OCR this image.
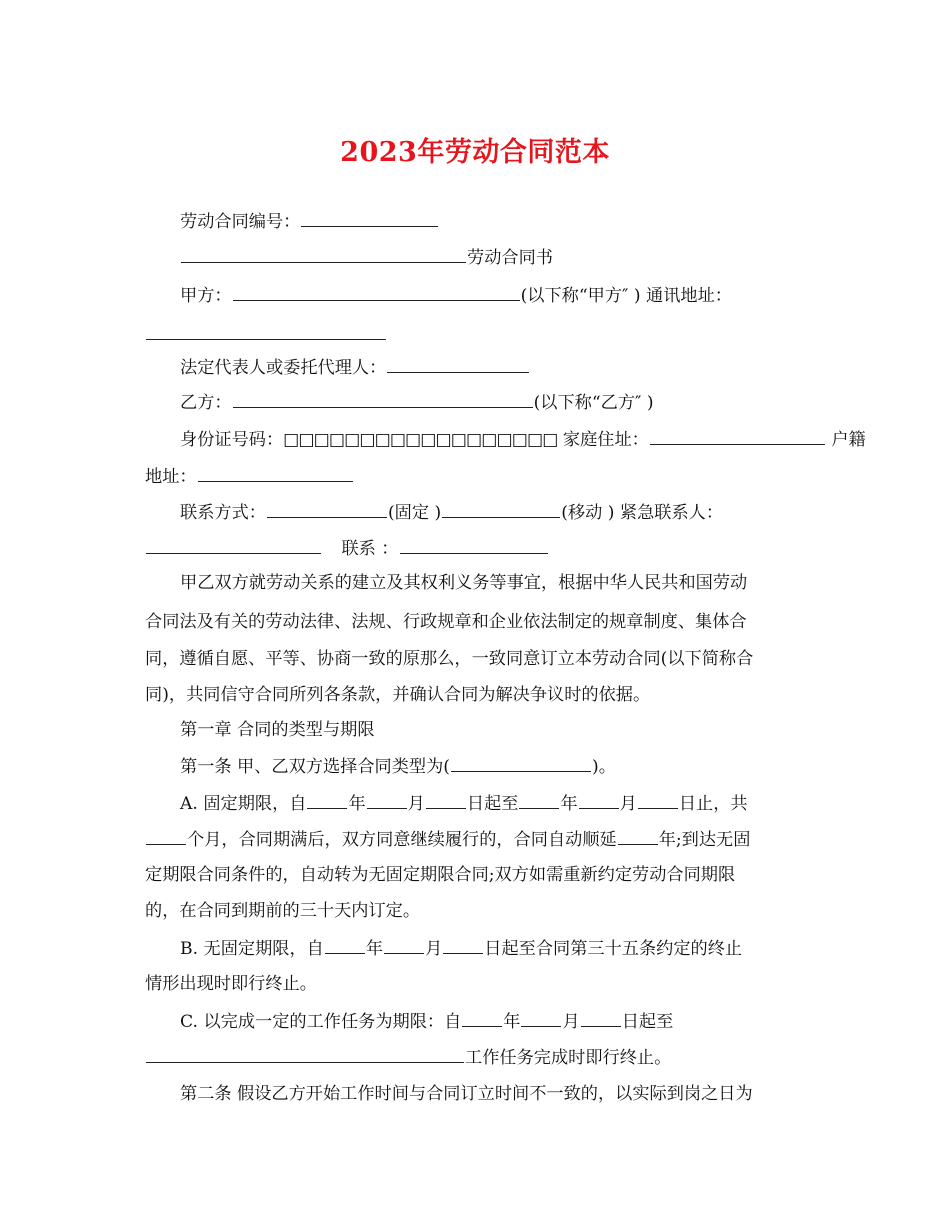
2023年劳动合同范本
劳动合同编号：
劳动合同书
甲方：	(以下称“甲方″ ) 通讯地址：
法定代表人或委托代理人：
乙方：	(以下称“乙方″ )
身份证号码：□□□□□□□□□□□□□□□□□□ 家庭住址：	户籍
地址：
联系方式：	(固定 )	(移动 ) 紧急联系人：
联系 ：
甲乙双方就劳动关系的建立及其权利义务等事宜，根据中华人民共和国劳动
合同法及有关的劳动法律、法规、行政规章和企业依法制定的规章制度、集体合
同，遵循自愿、平等、协商一致的原那么，一致同意订立本劳动合同(以下简称合
同)，共同信守合同所列各条款，并确认合同为解决争议时的依据。
第一章 合同的类型与期限
第一条 甲、乙双方选择合同类型为(	)。
A. 固定期限，自 年 月 日起至 年 月 日止，共
个月，合同期满后，双方同意继续履行的，合同自动顺延 年;到达无固
定期限合同条件的，自动转为无固定期限合同;双方如需重新约定劳动合同期限
的，在合同到期前的三十天内订定。
B. 无固定期限，自 年 月 日起至合同第三十五条约定的终止
情形出现时即行终止。
C. 以完成一定的工作任务为期限：自 年 月 日起至
工作任务完成时即行终止。
第二条 假设乙方开始工作时间与合同订立时间不一致的，以实际到岗之日为
